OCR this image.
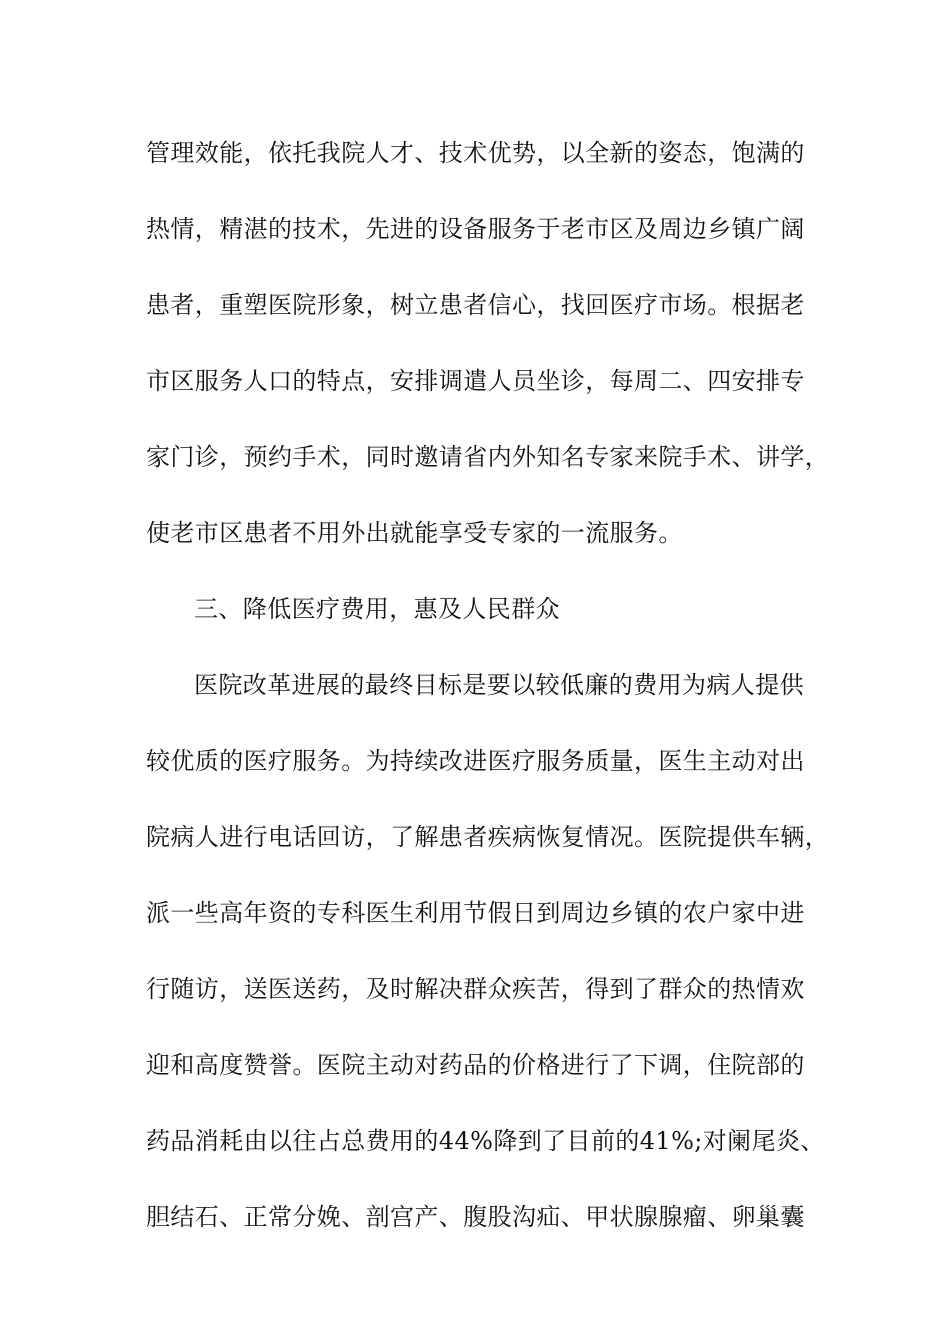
管理效能，依托我院人才、技术优势，以全新的姿态，饱满的
热情，精湛的技术，先进的设备服务于老市区及周边乡镇广阔
患者，重塑医院形象，树立患者信心，找回医疗市场。根据老
市区服务人口的特点，安排调遣人员坐诊，每周二、四安排专
家门诊，预约手术，同时邀请省内外知名专家来院手术、讲学，
使老市区患者不用外出就能享受专家的一流服务。
三、降低医疗费用，惠及人民群众
医院改革进展的最终目标是要以较低廉的费用为病人提供
较优质的医疗服务。为持续改进医疗服务质量，医生主动对出
院病人进行电话回访，了解患者疾病恢复情况。医院提供车辆，
派一些高年资的专科医生利用节假日到周边乡镇的农户家中进
行随访，送医送药，及时解决群众疾苦，得到了群众的热情欢
迎和高度赞誉。医院主动对药品的价格进行了下调，住院部的
药品消耗由以往占总费用的44%降到了目前的41%;对阑尾炎、
胆结石、正常分娩、剖宫产、腹股沟疝、甲状腺腺瘤、卵巢囊
